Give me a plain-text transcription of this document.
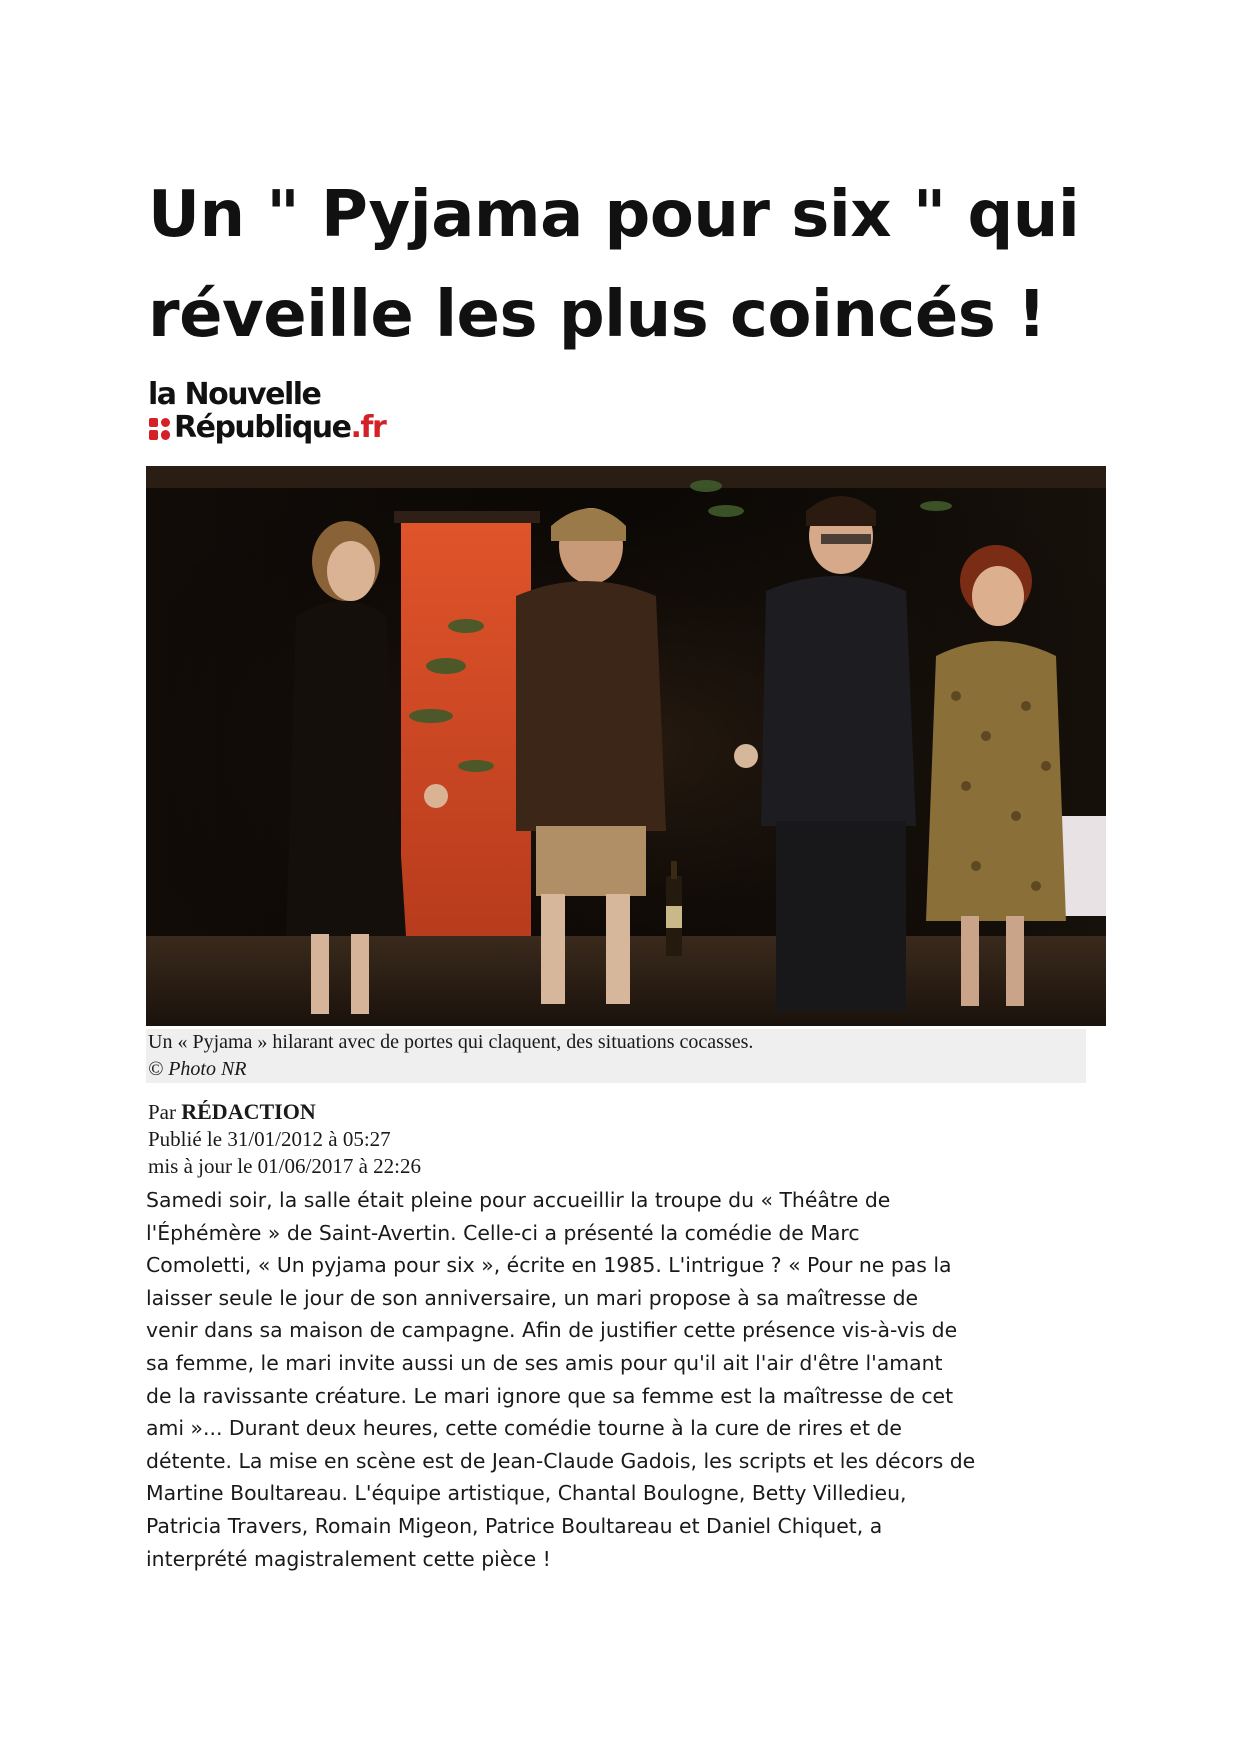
Un " Pyjama pour six " qui
réveille les plus coincés !
la Nouvelle
République.fr
Un « Pyjama » hilarant avec de portes qui claquent, des situations cocasses.
© Photo NR
Par RÉDACTION
Publié le 31/01/2012 à 05:27
mis à jour le 01/06/2017 à 22:26
Samedi soir, la salle était pleine pour accueillir la troupe du « Théâtre de
l'Éphémère » de Saint-Avertin. Celle-ci a présenté la comédie de Marc
Comoletti, « Un pyjama pour six », écrite en 1985. L'intrigue ? « Pour ne pas la
laisser seule le jour de son anniversaire, un mari propose à sa maîtresse de
venir dans sa maison de campagne. Afin de justifier cette présence vis-à-vis de
sa femme, le mari invite aussi un de ses amis pour qu'il ait l'air d'être l'amant
de la ravissante créature. Le mari ignore que sa femme est la maîtresse de cet
ami »... Durant deux heures, cette comédie tourne à la cure de rires et de
détente. La mise en scène est de Jean-Claude Gadois, les scripts et les décors de
Martine Boultareau. L'équipe artistique, Chantal Boulogne, Betty Villedieu,
Patricia Travers, Romain Migeon, Patrice Boultareau et Daniel Chiquet, a
interprété magistralement cette pièce !
